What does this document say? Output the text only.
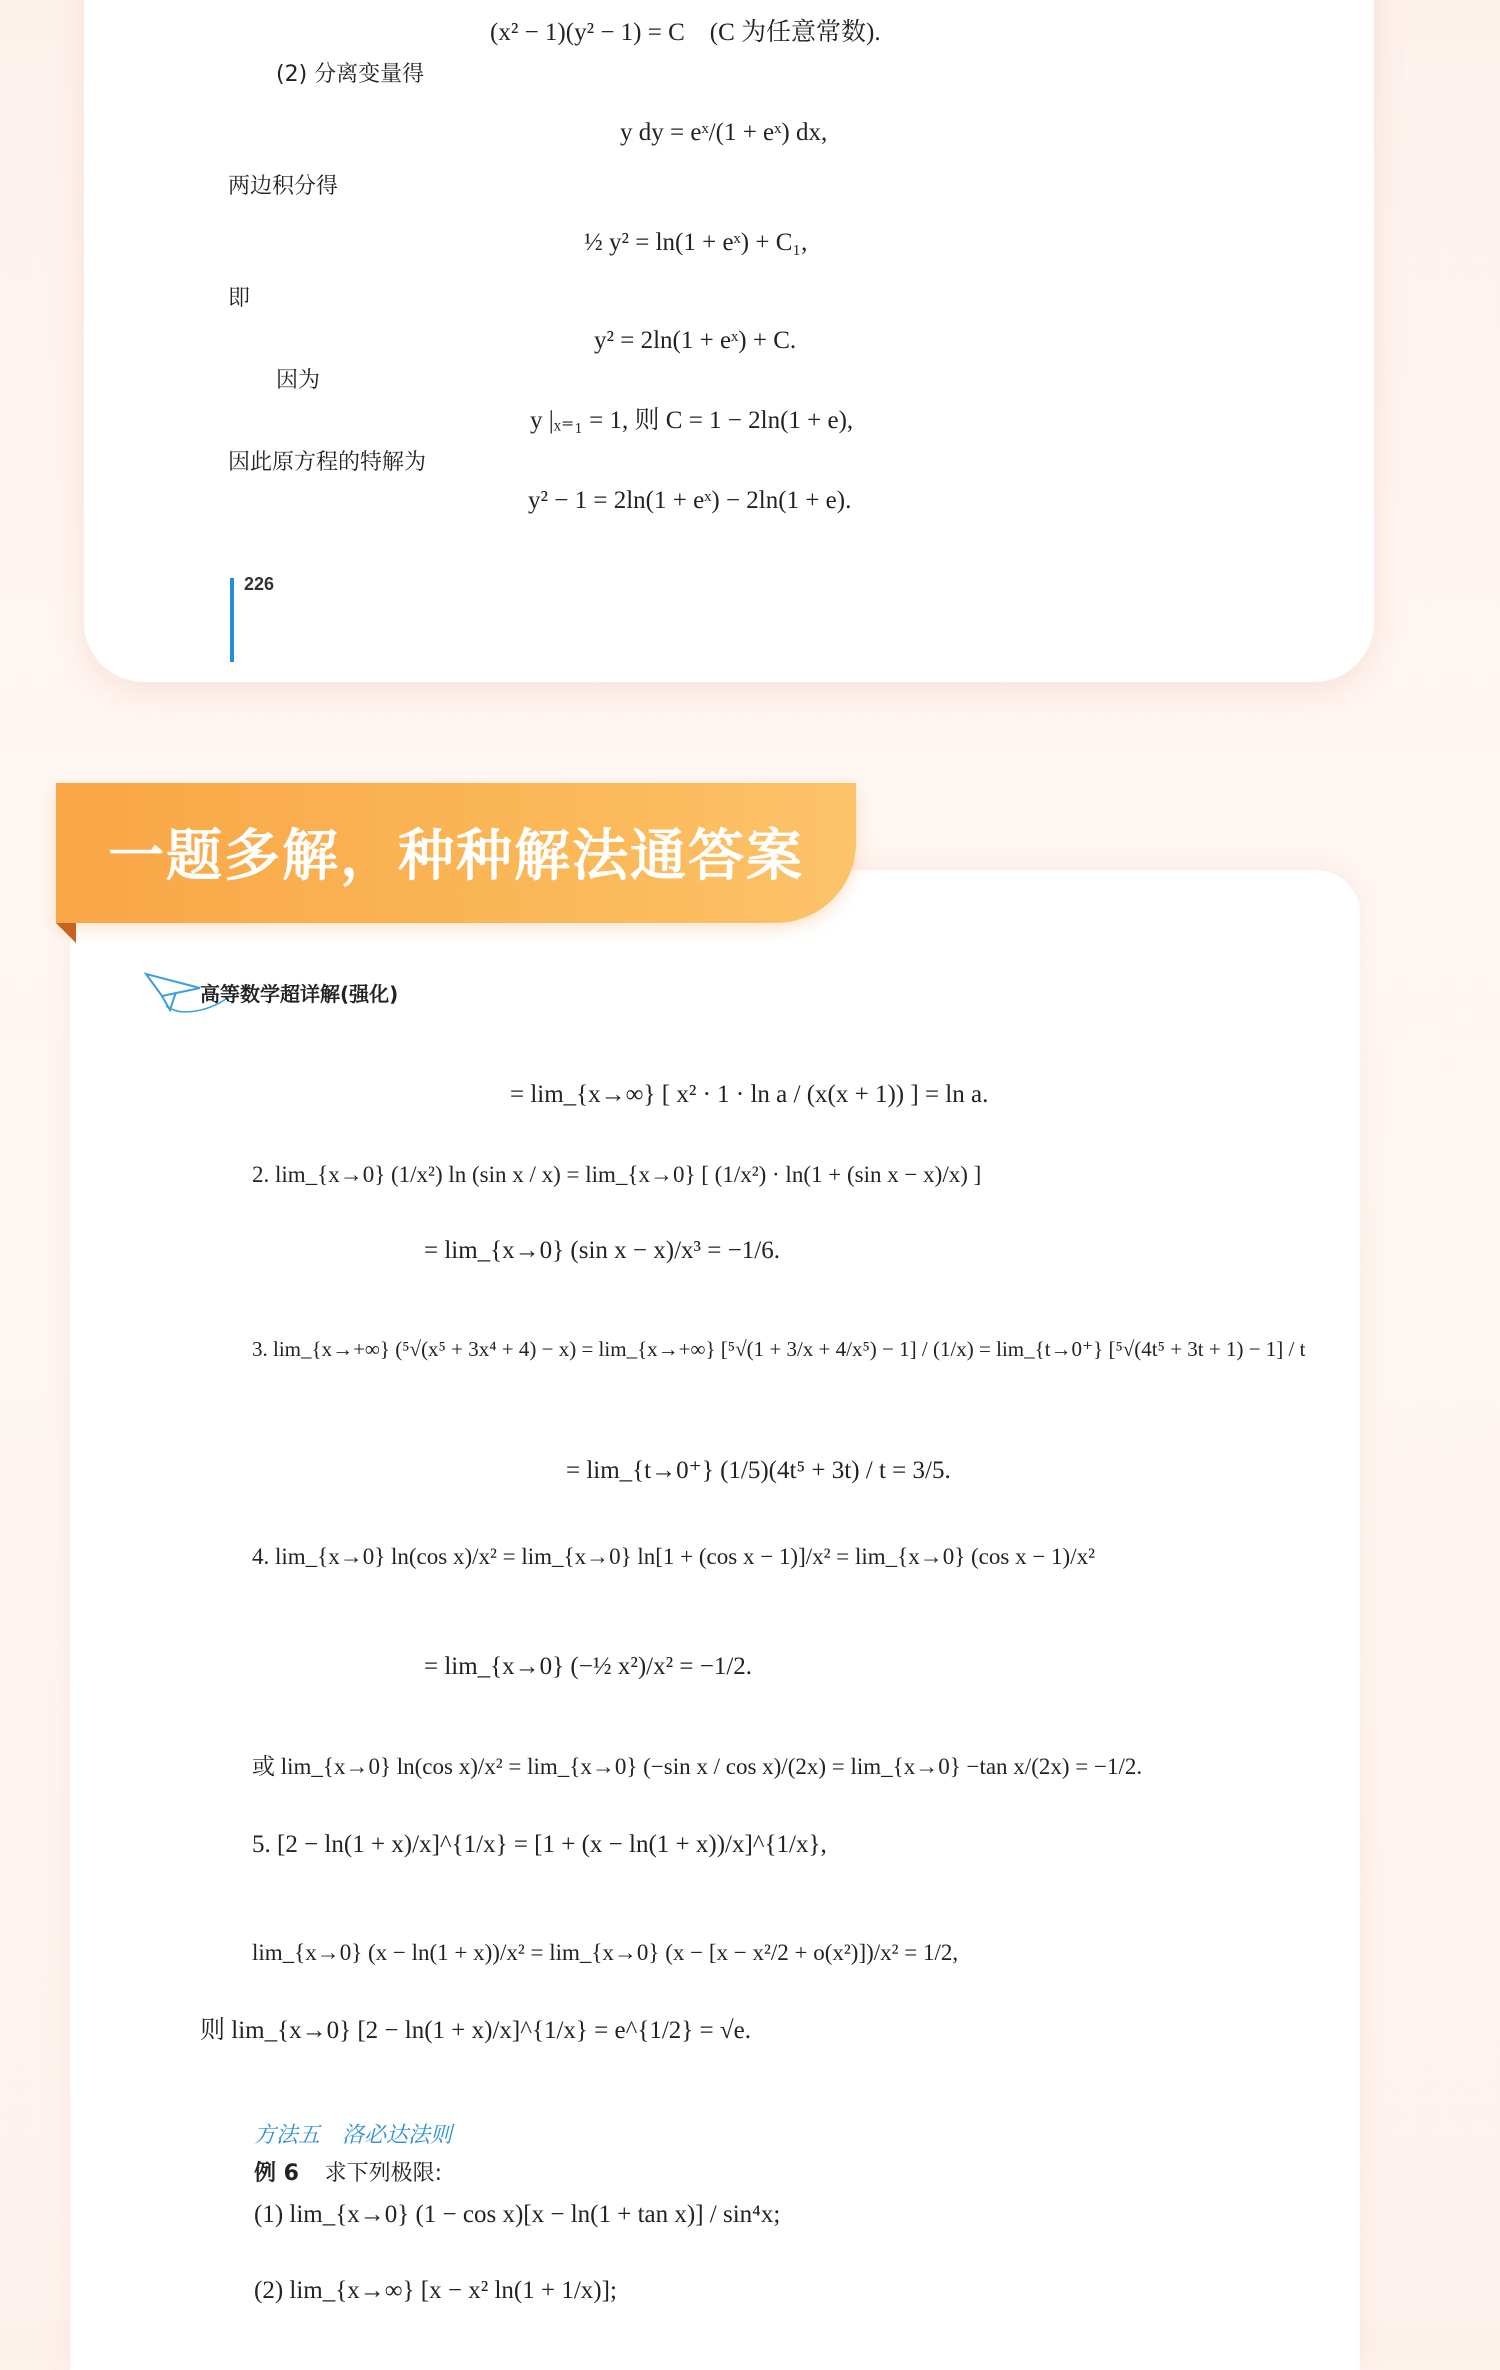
(x² − 1)(y² − 1) = C　(C 为任意常数).
(2) 分离变量得
y dy = eˣ/(1 + eˣ) dx,
两边积分得
½ y² = ln(1 + eˣ) + C₁,
即
y² = 2ln(1 + eˣ) + C.
因为
y |ₓ₌₁ = 1, 则 C = 1 − 2ln(1 + e),
因此原方程的特解为
y² − 1 = 2ln(1 + eˣ) − 2ln(1 + e).
226
一题多解，种种解法通答案
高等数学超详解(强化)
= lim_{x→∞} [ x² · 1 · ln a / (x(x + 1)) ] = ln a.
2. lim_{x→0} (1/x²) ln (sin x / x) = lim_{x→0} [ (1/x²) · ln(1 + (sin x − x)/x) ]
= lim_{x→0} (sin x − x)/x³ = −1/6.
3. lim_{x→+∞} (⁵√(x⁵ + 3x⁴ + 4) − x) = lim_{x→+∞} [⁵√(1 + 3/x + 4/x⁵) − 1] / (1/x) = lim_{t→0⁺} [⁵√(4t⁵ + 3t + 1) − 1] / t
= lim_{t→0⁺} (1/5)(4t⁵ + 3t) / t = 3/5.
4. lim_{x→0} ln(cos x)/x² = lim_{x→0} ln[1 + (cos x − 1)]/x² = lim_{x→0} (cos x − 1)/x²
= lim_{x→0} (−½ x²)/x² = −1/2.
或 lim_{x→0} ln(cos x)/x² = lim_{x→0} (−sin x / cos x)/(2x) = lim_{x→0} −tan x/(2x) = −1/2.
5. [2 − ln(1 + x)/x]^{1/x} = [1 + (x − ln(1 + x))/x]^{1/x},
lim_{x→0} (x − ln(1 + x))/x² = lim_{x→0} (x − [x − x²/2 + o(x²)])/x² = 1/2,
则 lim_{x→0} [2 − ln(1 + x)/x]^{1/x} = e^{1/2} = √e.
方法五　洛必达法则
例 6 求下列极限:
(1) lim_{x→0} (1 − cos x)[x − ln(1 + tan x)] / sin⁴x;
(2) lim_{x→∞} [x − x² ln(1 + 1/x)];
